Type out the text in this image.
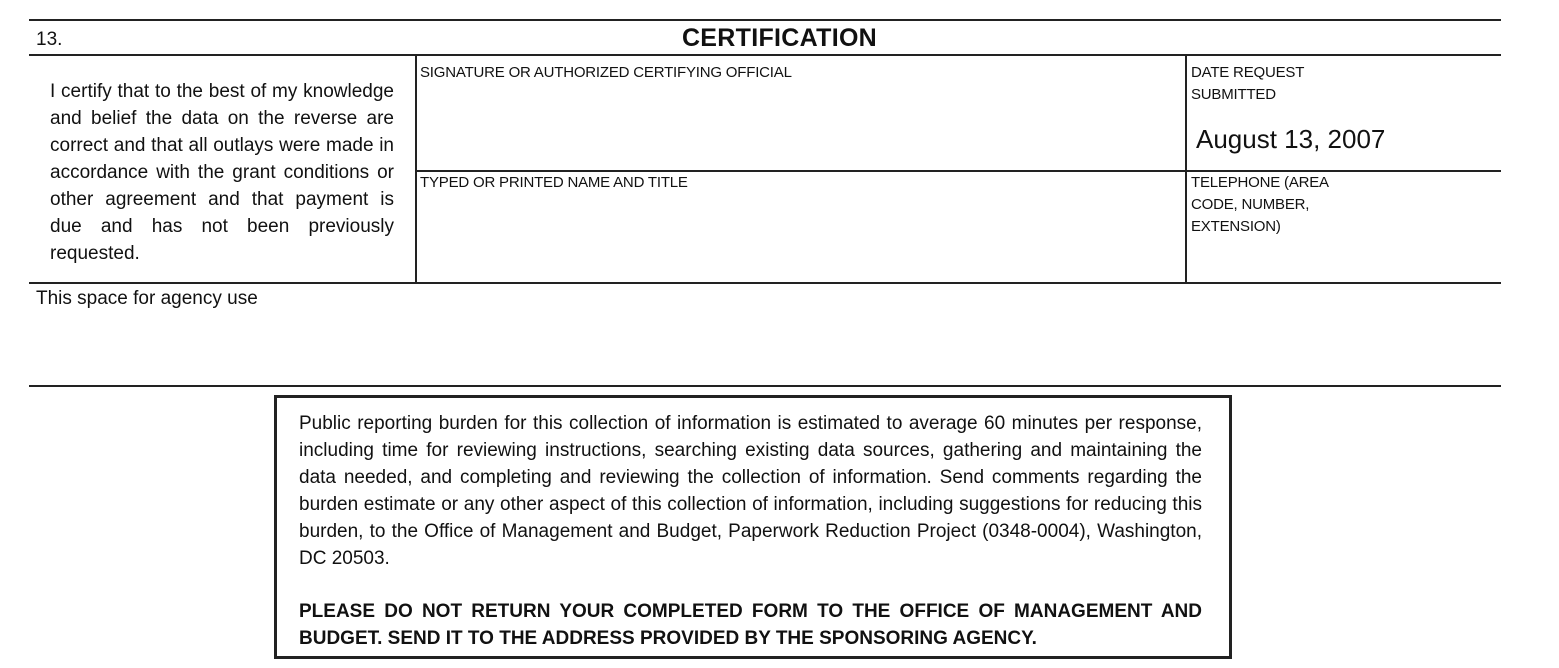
13.	CERTIFICATION
I certify that to the best of my knowledge and belief the data on the reverse are correct and that all outlays were made in accordance with the grant conditions or other agreement and that payment is due and has not been previously requested.
SIGNATURE OR AUTHORIZED CERTIFYING OFFICIAL	DATE REQUEST
SUBMITTED
August 13, 2007
TYPED OR PRINTED NAME AND TITLE	TELEPHONE (AREA
CODE, NUMBER,
EXTENSION)
This space for agency use
Public reporting burden for this collection of information is estimated to average 60 minutes per response, including time for reviewing instructions, searching existing data sources, gathering and maintaining the data needed, and completing and reviewing the collection of information. Send comments regarding the burden estimate or any other aspect of this collection of information, including suggestions for reducing this burden, to the Office of Management and Budget, Paperwork Reduction Project (0348-0004), Washington, DC 20503.
PLEASE DO NOT RETURN YOUR COMPLETED FORM TO THE OFFICE OF MANAGEMENT AND BUDGET. SEND IT TO THE ADDRESS PROVIDED BY THE SPONSORING AGENCY.
